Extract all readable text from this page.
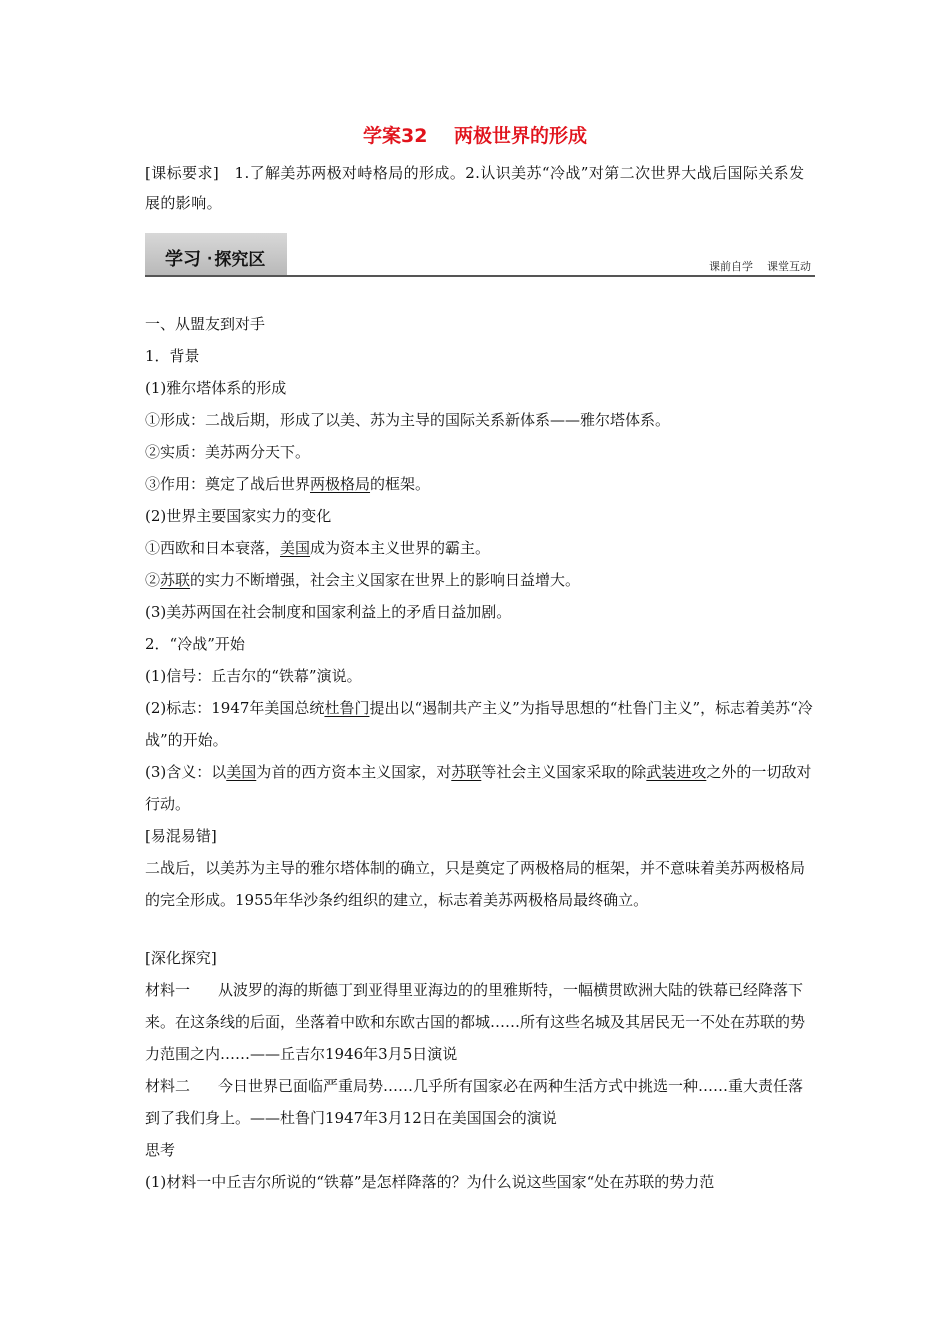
学案32 两极世界的形成
[课标要求]　1.了解美苏两极对峙格局的形成。2.认识美苏“冷战”对第二次世界大战后国际关系发展的影响。
学习 · 探究区	课前自学 课堂互动
一、从盟友到对手
1．背景
(1)雅尔塔体系的形成
①形成：二战后期，形成了以美、苏为主导的国际关系新体系——雅尔塔体系。
②实质：美苏两分天下。
③作用：奠定了战后世界两极格局的框架。
(2)世界主要国家实力的变化
①西欧和日本衰落，美国成为资本主义世界的霸主。
②苏联的实力不断增强，社会主义国家在世界上的影响日益增大。
(3)美苏两国在社会制度和国家利益上的矛盾日益加剧。
2．“冷战”开始
(1)信号：丘吉尔的“铁幕”演说。
(2)标志：1947年美国总统杜鲁门提出以“遏制共产主义”为指导思想的“杜鲁门主义”，标志着美苏“冷战”的开始。
(3)含义：以美国为首的西方资本主义国家，对苏联等社会主义国家采取的除武装进攻之外的一切敌对行动。
[易混易错]
二战后，以美苏为主导的雅尔塔体制的确立，只是奠定了两极格局的框架，并不意味着美苏两极格局的完全形成。1955年华沙条约组织的建立，标志着美苏两极格局最终确立。
[深化探究]
材料一 从波罗的海的斯德丁到亚得里亚海边的的里雅斯特，一幅横贯欧洲大陆的铁幕已经降落下来。在这条线的后面，坐落着中欧和东欧古国的都城……所有这些名城及其居民无一不处在苏联的势力范围之内……——丘吉尔1946年3月5日演说
材料二 今日世界已面临严重局势……几乎所有国家必在两种生活方式中挑选一种……重大责任落到了我们身上。——杜鲁门1947年3月12日在美国国会的演说
思考
(1)材料一中丘吉尔所说的“铁幕”是怎样降落的？为什么说这些国家“处在苏联的势力范
